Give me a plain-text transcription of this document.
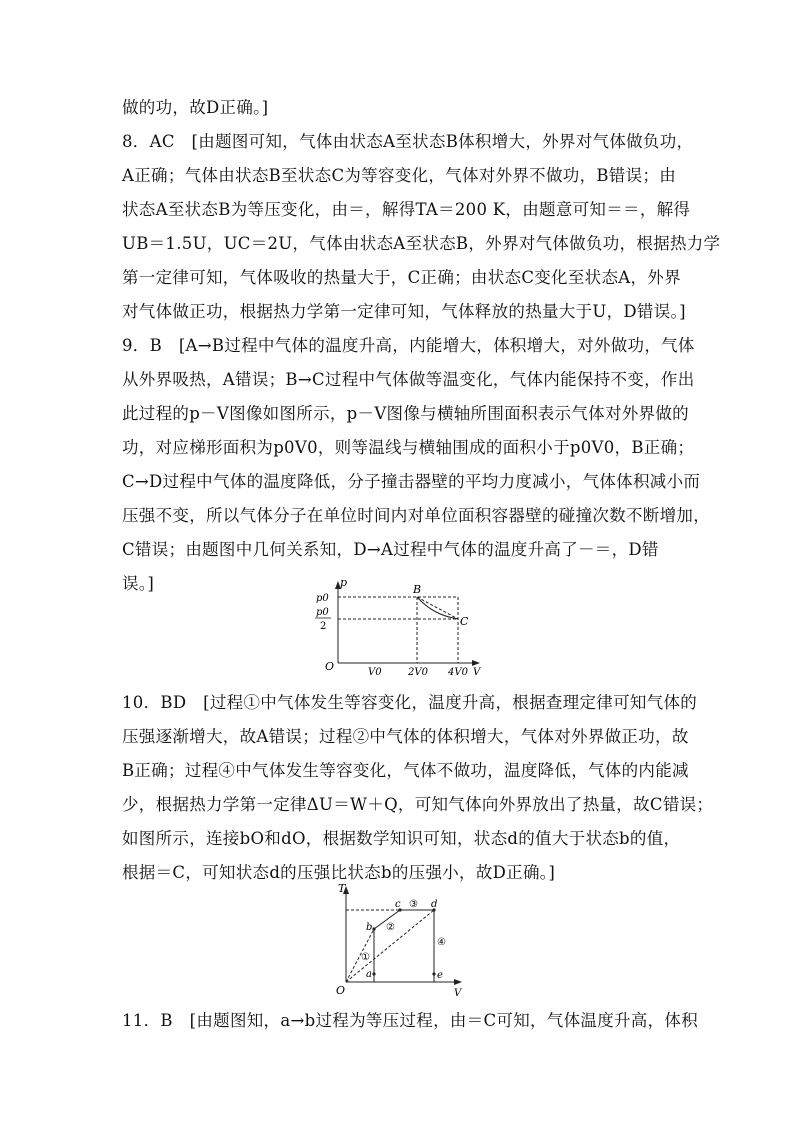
做的功，故D正确。]
8．AC　[由题图可知，气体由状态A至状态B体积增大，外界对气体做负功，
A正确；气体由状态B至状态C为等容变化，气体对外界不做功，B错误；由
状态A至状态B为等压变化，由＝，解得TA＝200 K，由题意可知＝＝，解得
UB＝1.5U，UC＝2U，气体由状态A至状态B，外界对气体做负功，根据热力学
第一定律可知，气体吸收的热量大于，C正确；由状态C变化至状态A，外界
对气体做正功，根据热力学第一定律可知，气体释放的热量大于U，D错误。]
9．B　[A→B过程中气体的温度升高，内能增大，体积增大，对外做功，气体
从外界吸热，A错误；B→C过程中气体做等温变化，气体内能保持不变，作出
此过程的p－V图像如图所示，p－V图像与横轴所围面积表示气体对外界做的
功，对应梯形面积为p0V0，则等温线与横轴围成的面积小于p0V0，B正确；
C→D过程中气体的温度降低，分子撞击器壁的平均力度减小，气体体积减小而
压强不变，所以气体分子在单位时间内对单位面积容器壁的碰撞次数不断增加，
C错误；由题图中几何关系知，D→A过程中气体的温度升高了－＝，D错
误。]	p
p0
p0
2
O	V0	2V0 4V0 V
B
C
10．BD　[过程①中气体发生等容变化，温度升高，根据查理定律可知气体的
压强逐渐增大，故A错误；过程②中气体的体积增大，气体对外界做正功，故
B正确；过程④中气体发生等容变化，气体不做功，温度降低，气体的内能减
少，根据热力学第一定律ΔU＝W＋Q，可知气体向外界放出了热量，故C错误；
如图所示，连接bO和dO，根据数学知识可知，状态d的值大于状态b的值，
根据＝C，可知状态d的压强比状态b的压强小，故D正确。]
T
O	V
a
b
c	d
e
①
②
③
④
11．B　[由题图知，a→b过程为等压过程，由＝C可知，气体温度升高，体积
